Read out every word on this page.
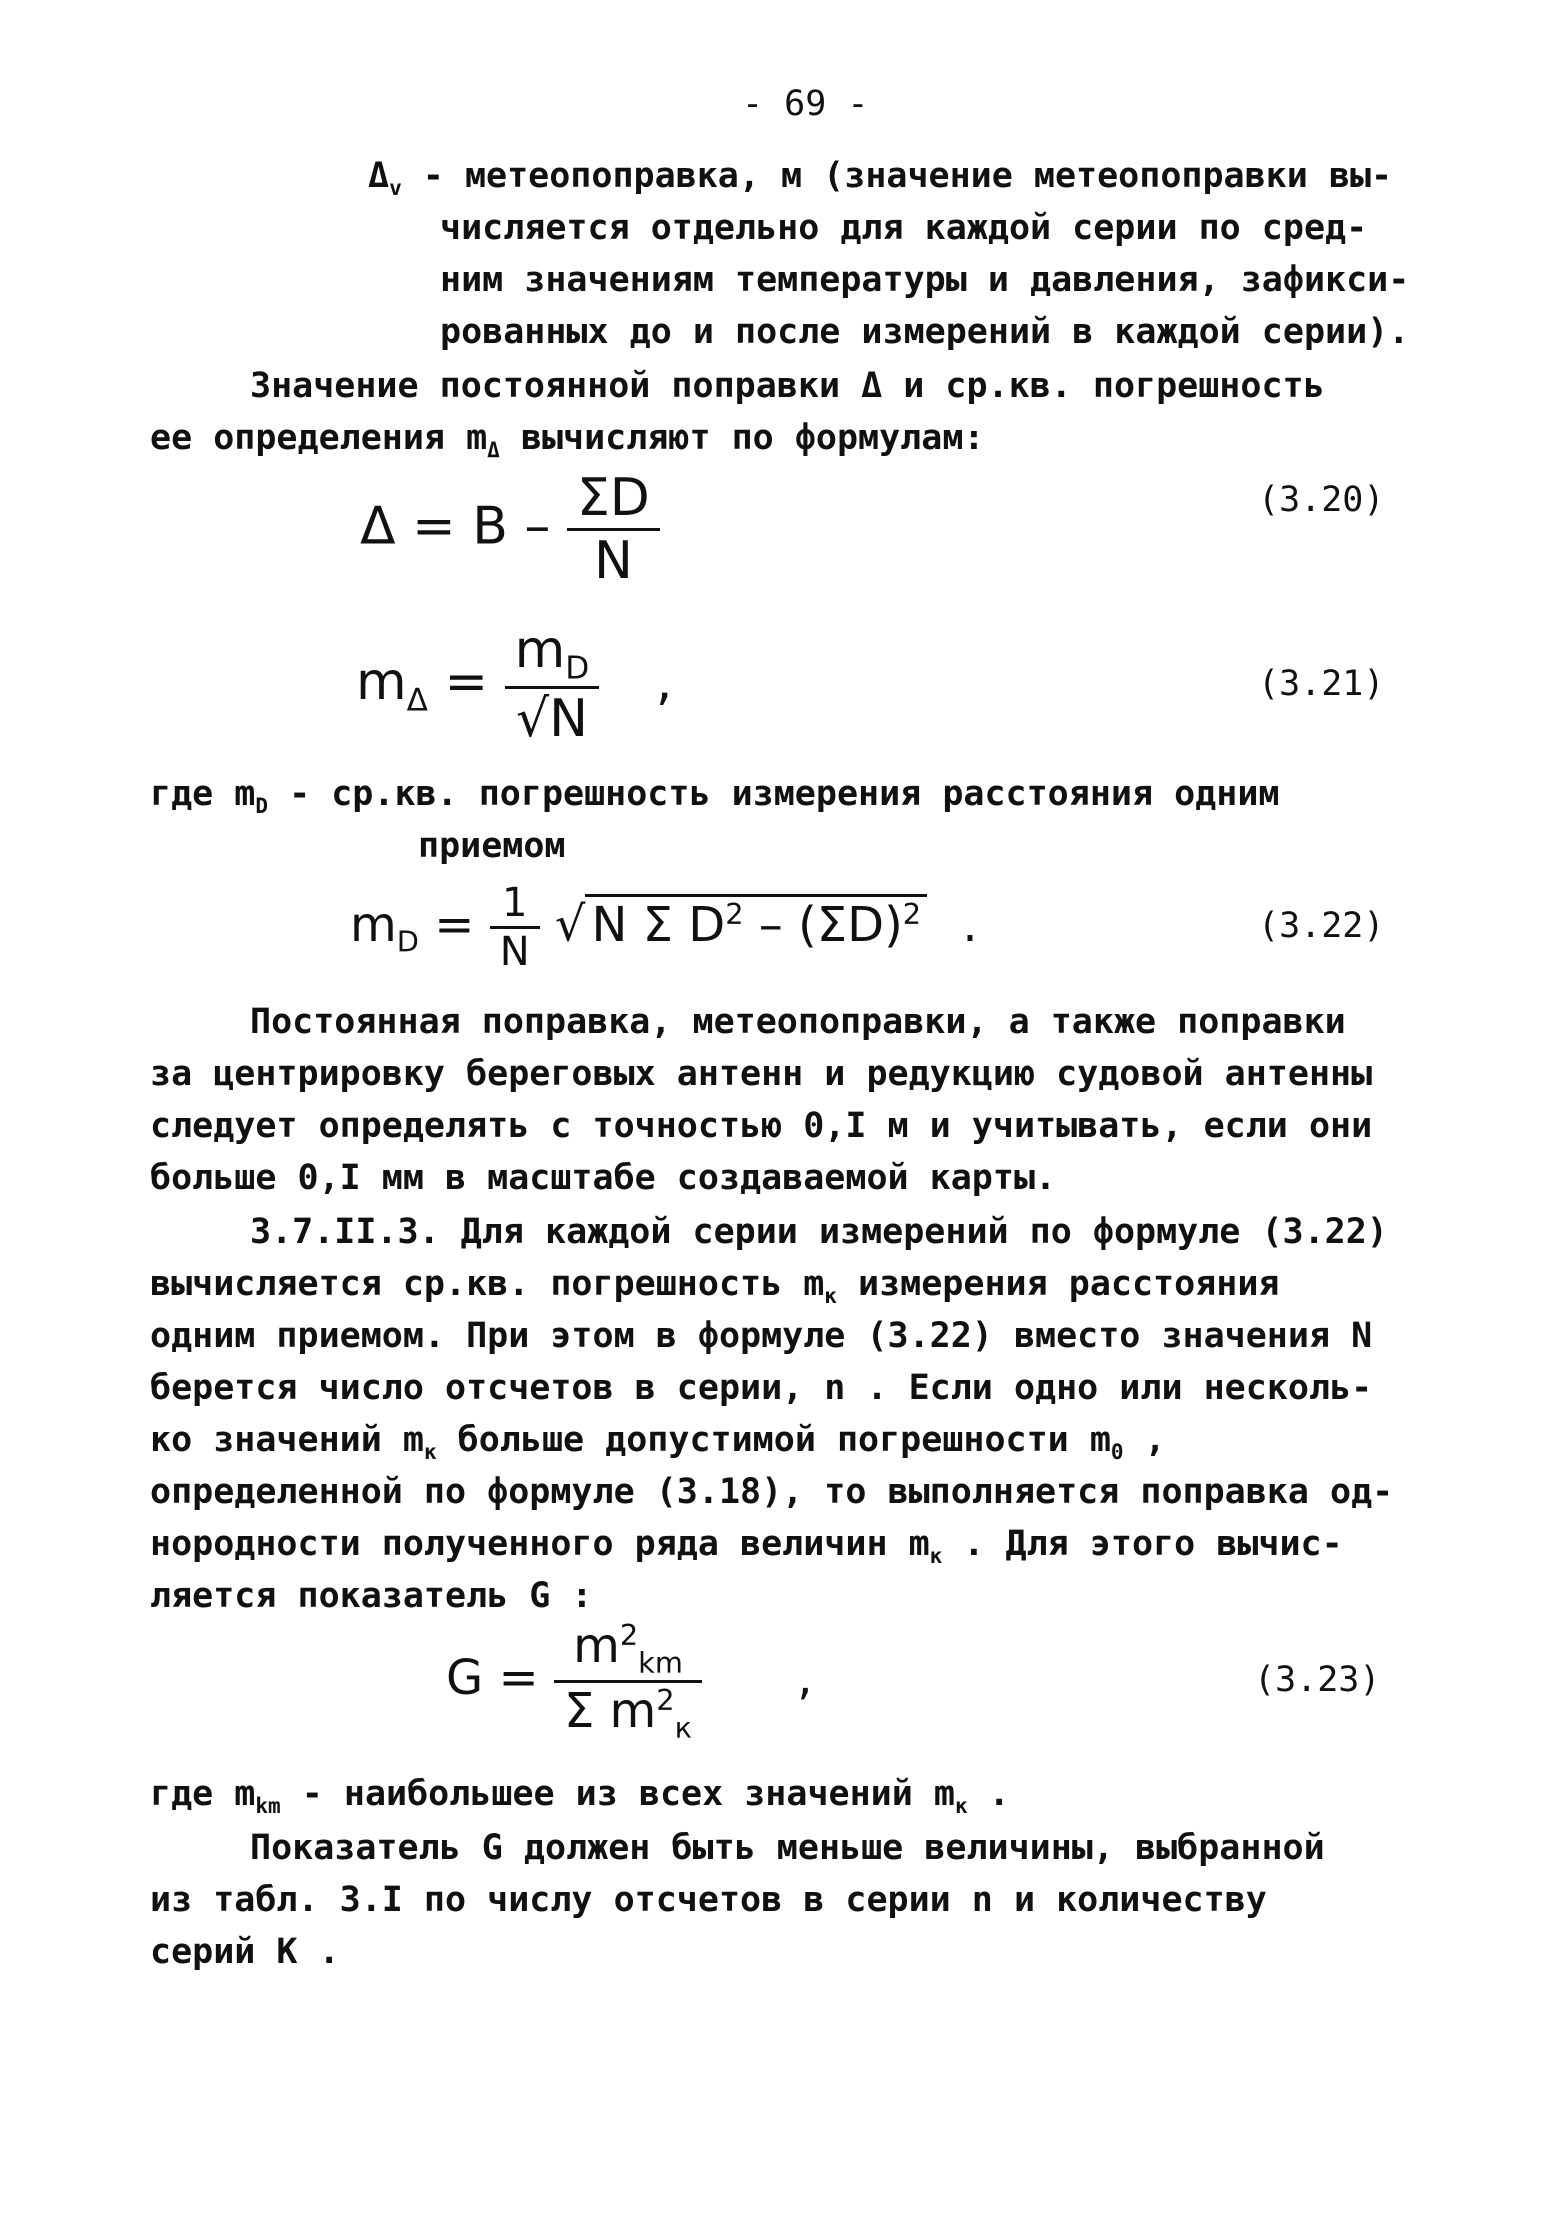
- 69 -
$\Delta_v$ - метеопоправка, м (значение метеопоправки вы-
числяется отдельно для каждой серии по сред-
ним значениям температуры и давления, зафикси-
рованных до и после измерений в каждой серии).
Значение постоянной поправки Δ и ср.кв. погрешность
ее определения $m_\Delta$ вычисляют по формулам:
$\Delta = B - \frac{\Sigma D}{N}$	(3.20)
$m_\Delta = \frac{m_D}{√N}$ ,	(3.21)
где $m_D - ср.кв$. погрешность измерения расстояния одним
приемом
$m_D = \frac{1}{N}$ √ N Σ $D^2 - (\Sigma D)^2$ .	(3.22)
Постоянная поправка, метеопоправки, а также поправки
за центрировку береговых антенн и редукцию судовой антенны
следует определять с точностью 0,I м и учитывать, если они
больше 0,I мм в масштабе создаваемой карты.
3.7.II.3. Для каждой серии измерений по формуле (3.22)
вычисляется ср.кв. погрешность $m_к$ измерения расстояния
одним приемом. При этом в формуле (3.22) вместо значения N
берется число отсчетов в серии, n . Если одно или несколь-
ко значений $m_к$ больше допустимой погрешности $m_0$ ,
определенной по формуле (3.18), то выполняется поправка од-
нородности полученного ряда величин $m_к$ . Для этого вычис-
ляется показатель G :
$G = \frac{m^2_{km}}{\Sigma m^2_к}$ ,	(3.23)
где $m_{km}$ - наибольшее из всех значений $m_к$ .
Показатель G должен быть меньше величины, выбранной
из табл. 3.I по числу отсчетов в серии n и количеству
серий K .
